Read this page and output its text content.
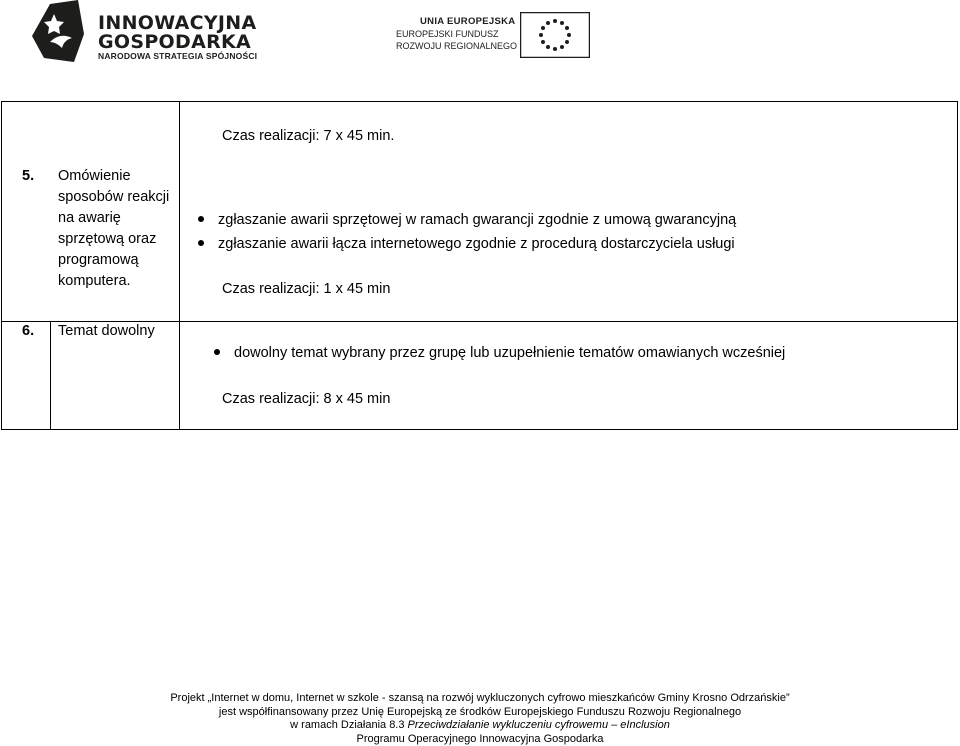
INNOWACYJNA
GOSPODARKA
NARODOWA STRATEGIA SPÓJNOŚCI
UNIA EUROPEJSKA
EUROPEJSKI FUNDUSZ
ROZWOJU REGIONALNEGO
Czas realizacji: 7 x 45 min.
5. Omówienie sposobów reakcji na awarię sprzętową oraz programową komputera.
zgłaszanie awarii sprzętowej w ramach gwarancji zgodnie z umową gwarancyjną
zgłaszanie awarii łącza internetowego zgodnie z procedurą dostarczyciela usługi
Czas realizacji: 1 x 45 min
6. Temat dowolny
dowolny temat wybrany przez grupę lub uzupełnienie tematów omawianych wcześniej
Czas realizacji: 8 x 45 min
Projekt „Internet w domu, Internet w szkole - szansą na rozwój wykluczonych cyfrowo mieszkańców Gminy Krosno Odrzańskie”
jest współfinansowany przez Unię Europejską ze środków Europejskiego Funduszu Rozwoju Regionalnego
w ramach Działania 8.3 Przeciwdziałanie wykluczeniu cyfrowemu – eInclusion
Programu Operacyjnego Innowacyjna Gospodarka
